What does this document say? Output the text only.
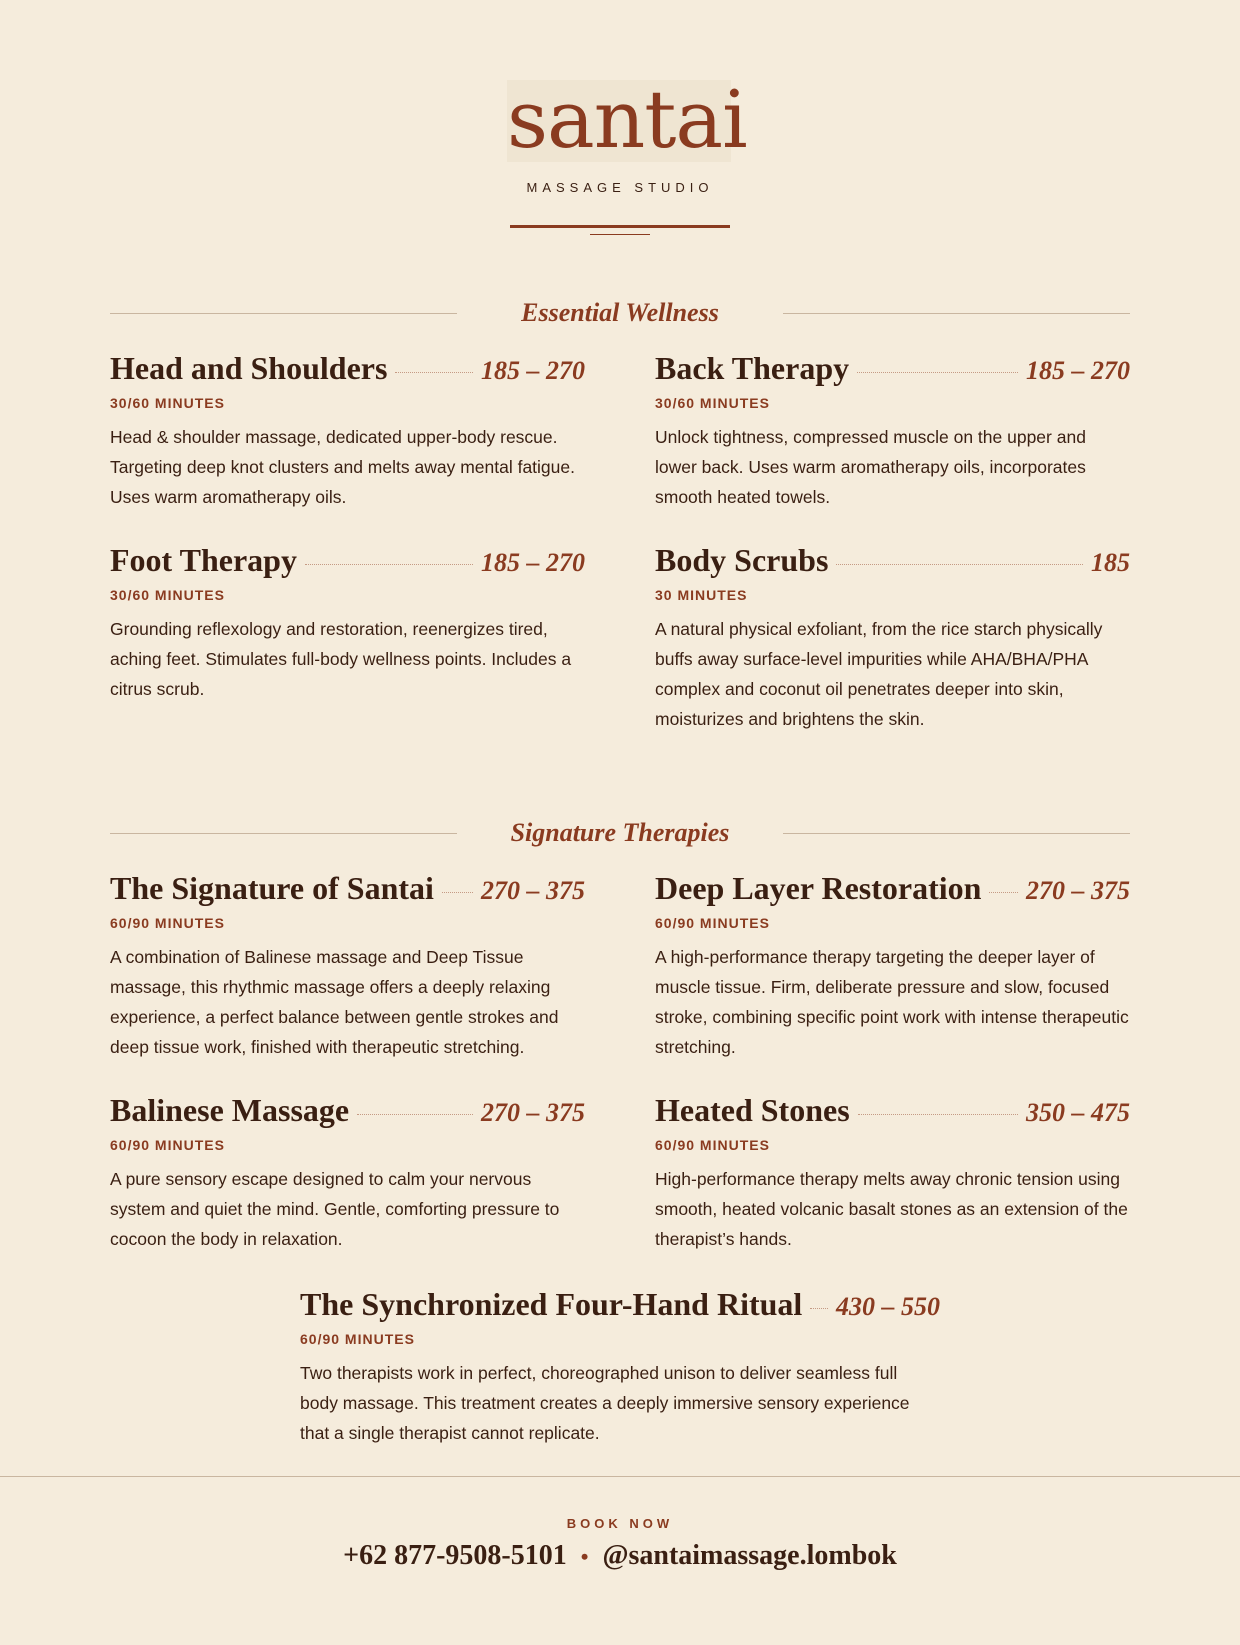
santai
MASSAGE STUDIO
Essential Wellness
Head and Shoulders	185 – 270
30/60 MINUTES
Head & shoulder massage, dedicated upper-body rescue. Targeting deep knot clusters and melts away mental fatigue. Uses warm aromatherapy oils.
Back Therapy	185 – 270
30/60 MINUTES
Unlock tightness, compressed muscle on the upper and lower back. Uses warm aromatherapy oils, incorporates smooth heated towels.
Foot Therapy	185 – 270
30/60 MINUTES
Grounding reflexology and restoration, reenergizes tired, aching feet. Stimulates full-body wellness points. Includes a citrus scrub.
Body Scrubs	185
30 MINUTES
A natural physical exfoliant, from the rice starch physically buffs away surface-level impurities while AHA/BHA/PHA complex and coconut oil penetrates deeper into skin, moisturizes and brightens the skin.
Signature Therapies
The Signature of Santai 270 – 375
60/90 MINUTES
A combination of Balinese massage and Deep Tissue massage, this rhythmic massage offers a deeply relaxing experience, a perfect balance between gentle strokes and deep tissue work, finished with therapeutic stretching.
Deep Layer Restoration 270 – 375
60/90 MINUTES
A high-performance therapy targeting the deeper layer of muscle tissue. Firm, deliberate pressure and slow, focused stroke, combining specific point work with intense therapeutic stretching.
Balinese Massage	270 – 375
60/90 MINUTES
A pure sensory escape designed to calm your nervous system and quiet the mind. Gentle, comforting pressure to cocoon the body in relaxation.
Heated Stones	350 – 475
60/90 MINUTES
High-performance therapy melts away chronic tension using smooth, heated volcanic basalt stones as an extension of the therapist’s hands.
The Synchronized Four-Hand Ritual 430 – 550
60/90 MINUTES
Two therapists work in perfect, choreographed unison to deliver seamless full body massage. This treatment creates a deeply immersive sensory experience that a single therapist cannot replicate.
BOOK NOW
+62 877-9508-5101 • @santaimassage.lombok
